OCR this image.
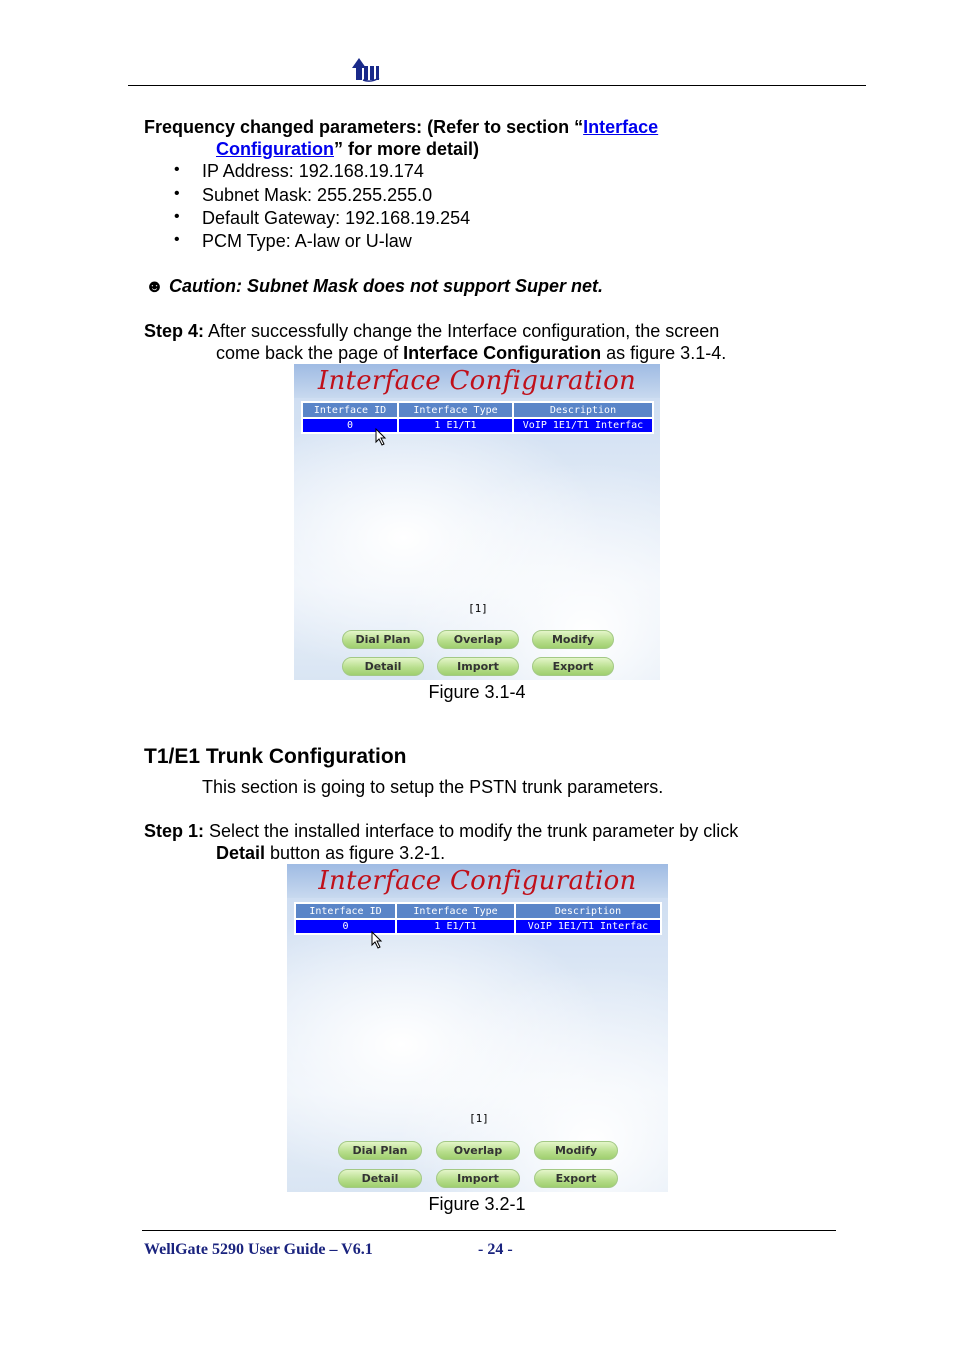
Frequency changed parameters: (Refer to section “Interface
Configuration” for more detail)
• IP Address: 192.168.19.174
• Subnet Mask: 255.255.255.0
• Default Gateway: 192.168.19.254
• PCM Type: A-law or U-law
☻ Caution: Subnet Mask does not support Super net.
Step 4: After successfully change the Interface configuration, the screen
come back the page of Interface Configuration as figure 3.1-4.
Interface Configuration
Interface ID	Interface Type	Description
0	1 E1/T1	VoIP 1E1/T1 Interfac
[1]
Dial Plan	Overlap	Modify
Detail	Import	Export
Figure 3.1-4
T1/E1 Trunk Configuration
This section is going to setup the PSTN trunk parameters.
Step 1: Select the installed interface to modify the trunk parameter by click
Detail button as figure 3.2-1.
Interface Configuration
Interface ID	Interface Type	Description
0	1 E1/T1	VoIP 1E1/T1 Interfac
[1]
Dial Plan	Overlap	Modify
Detail	Import	Export
Figure 3.2-1
WellGate 5290 User Guide – V6.1	- 24 -
